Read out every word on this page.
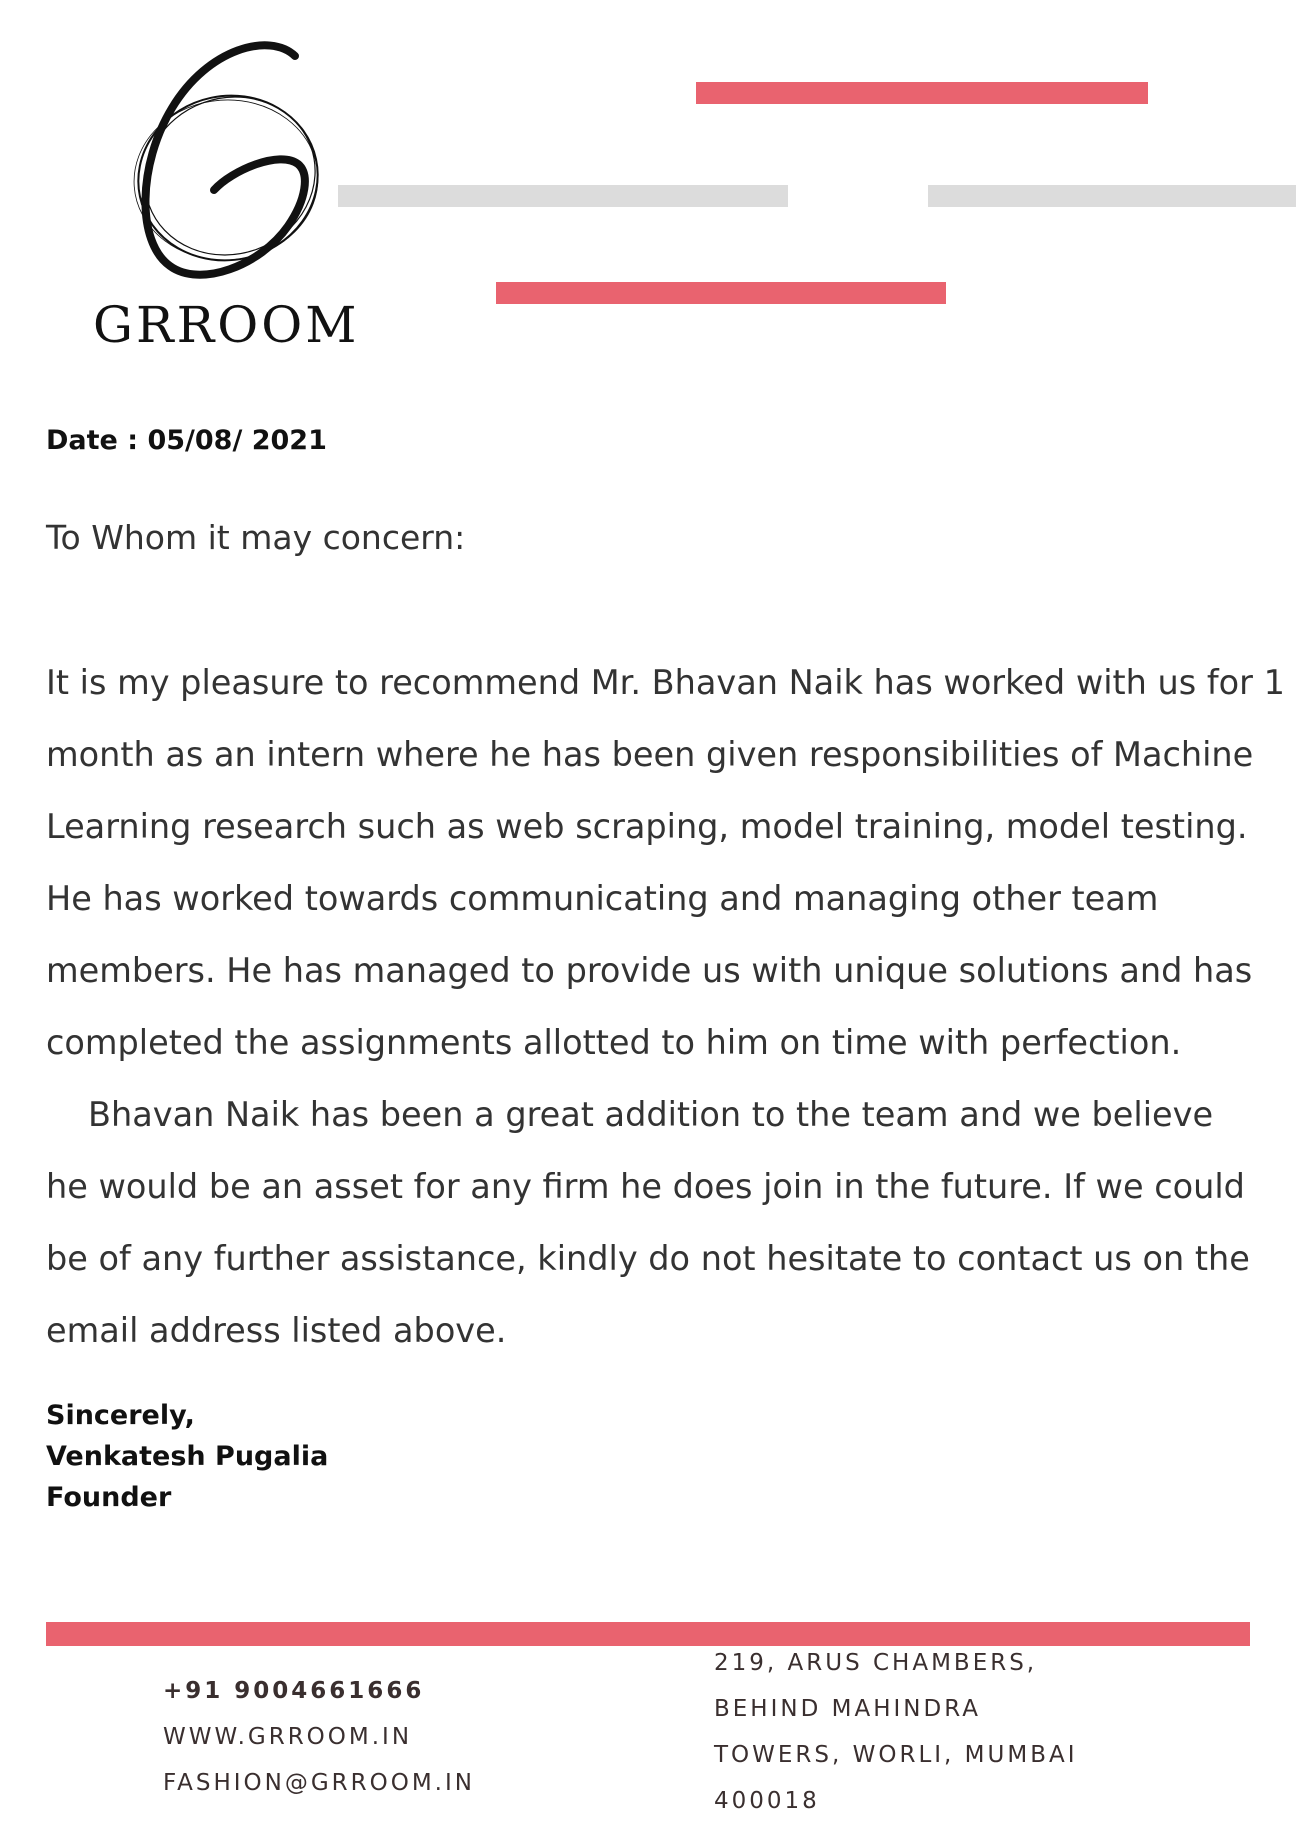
GRROOM
Date : 05/08/ 2021
To Whom it may concern:
It is my pleasure to recommend Mr. Bhavan Naik has worked with us for 1
month as an intern where he has been given responsibilities of Machine
Learning research such as web scraping, model training, model testing.
He has worked towards communicating and managing other team
members. He has managed to provide us with unique solutions and has
completed the assignments allotted to him on time with perfection.
Bhavan Naik has been a great addition to the team and we believe
he would be an asset for any firm he does join in the future. If we could
be of any further assistance, kindly do not hesitate to contact us on the
email address listed above.
Sincerely,
Venkatesh Pugalia
Founder
+91 9004661666
WWW.GRROOM.IN
FASHION@GRROOM.IN
219, ARUS CHAMBERS,
BEHIND MAHINDRA
TOWERS, WORLI, MUMBAI
400018
